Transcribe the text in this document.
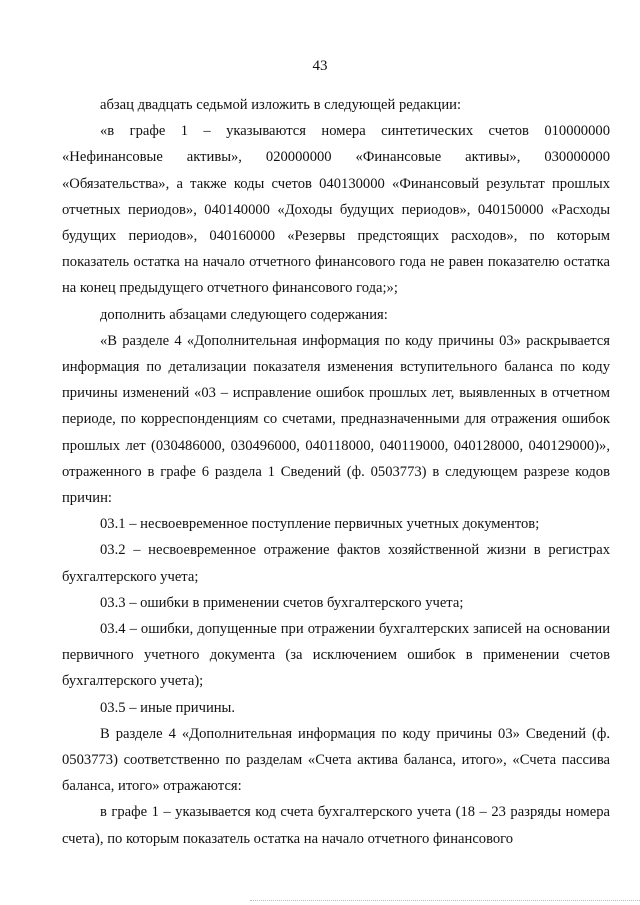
43

абзац двадцать седьмой изложить в следующей редакции:

«в графе 1 – указываются номера синтетических счетов 010000000 «Нефинансовые активы», 020000000 «Финансовые активы», 030000000 «Обязательства», а также коды счетов 040130000 «Финансовый результат прошлых отчетных периодов», 040140000 «Доходы будущих периодов», 040150000 «Расходы будущих периодов», 040160000 «Резервы предстоящих расходов», по которым показатель остатка на начало отчетного финансового года не равен показателю остатка на конец предыдущего отчетного финансового года;»;

дополнить абзацами следующего содержания:

«В разделе 4 «Дополнительная информация по коду причины 03» раскрывается информация по детализации показателя изменения вступительного баланса по коду причины изменений «03 – исправление ошибок прошлых лет, выявленных в отчетном периоде, по корреспонденциям со счетами, предназначенными для отражения ошибок прошлых лет (030486000, 030496000, 040118000, 040119000, 040128000, 040129000)», отраженного в графе 6 раздела 1 Сведений (ф. 0503773) в следующем разрезе кодов причин:

03.1 – несвоевременное поступление первичных учетных документов;

03.2 – несвоевременное отражение фактов хозяйственной жизни в регистрах бухгалтерского учета;

03.3 – ошибки в применении счетов бухгалтерского учета;

03.4 – ошибки, допущенные при отражении бухгалтерских записей на основании первичного учетного документа (за исключением ошибок в применении счетов бухгалтерского учета);

03.5 – иные причины.

В разделе 4 «Дополнительная информация по коду причины 03» Сведений (ф. 0503773) соответственно по разделам «Счета актива баланса, итого», «Счета пассива баланса, итого» отражаются:

в графе 1 – указывается код счета бухгалтерского учета (18 – 23 разряды номера счета), по которым показатель остатка на начало отчетного финансового
